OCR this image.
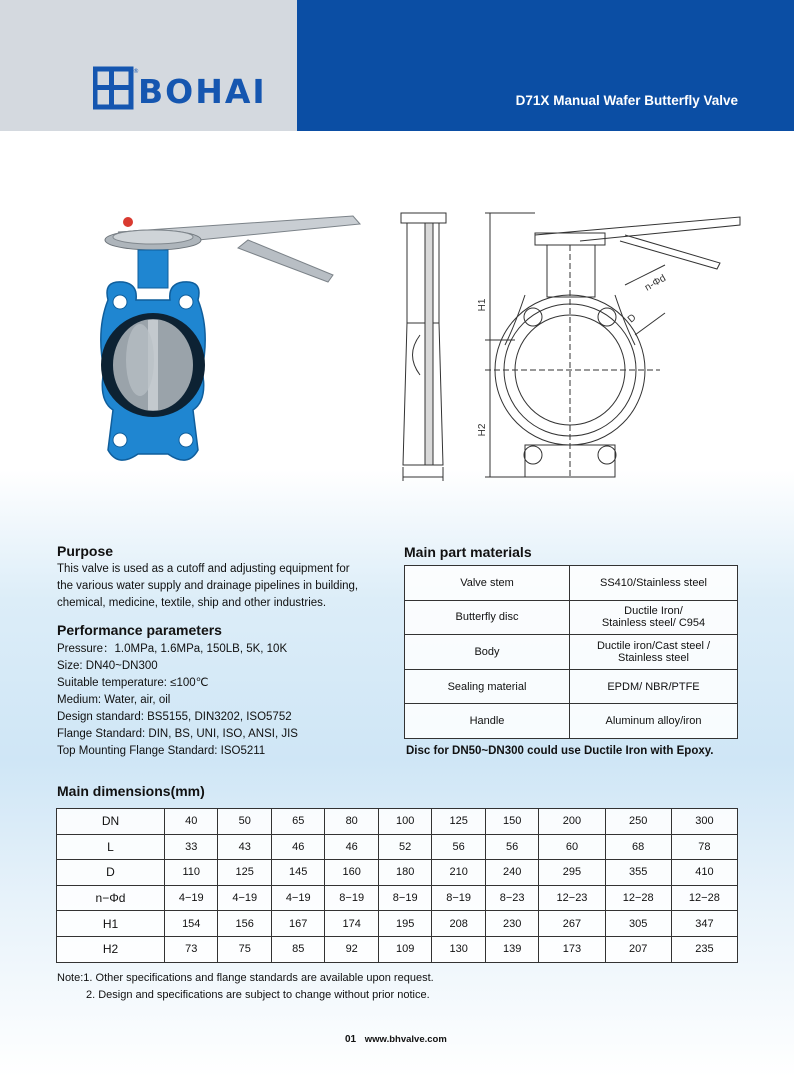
®
BOHAI	D71X Manual Wafer Butterfly Valve
H1
H2
n-Φd
D
Purpose
This valve is used as a cutoff and adjusting equipment for
the various water supply and drainage pipelines in building,
chemical, medicine, textile, ship and other industries.
Performance parameters
Pressure：1.0MPa, 1.6MPa, 150LB, 5K, 10K
Size: DN40~DN300
Suitable temperature: ≤100℃
Medium: Water, air, oil
Design standard: BS5155, DIN3202, ISO5752
Flange Standard: DIN, BS, UNI, ISO, ANSI, JIS
Top Mounting Flange Standard: ISO5211
Main part materials
Valve stem	SS410/Stainless steel
Butterfly disc	Ductile Iron/
Stainless steel/ C954
Body	Ductile iron/Cast steel /
Stainless steel
Sealing material	EPDM/ NBR/PTFE
Handle	Aluminum alloy/iron
Disc for DN50~DN300 could use Ductile Iron with Epoxy.
Main dimensions(mm)
DN	40	50	65	80	100	125	150	200	250	300
L	33	43	46	46	52	56	56	60	68	78
D	110	125	145	160	180	210	240	295	355	410
n−Φd	4−19	4−19	4−19	8−19	8−19	8−19	8−23	12−23	12−28	12−28
H1	154	156	167	174	195	208	230	267	305	347
H2	73	75	85	92	109	130	139	173	207	235
Note:1. Other specifications and flange standards are available upon request.
2. Design and specifications are subject to change without prior notice.
01 www.bhvalve.com
